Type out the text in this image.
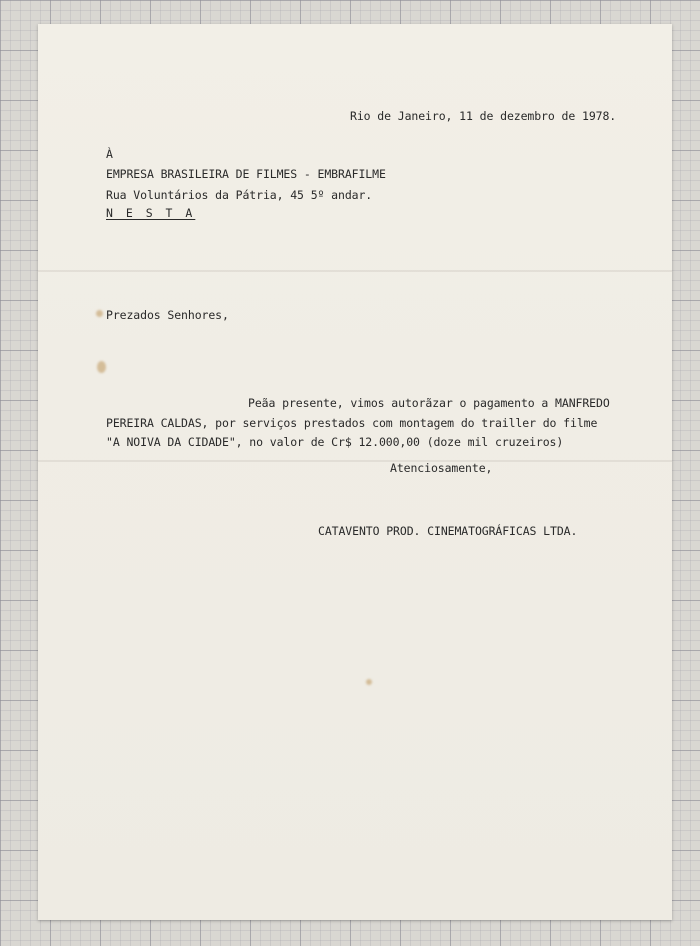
Rio de Janeiro, 11 de dezembro de 1978.

À

EMPRESA BRASILEIRA DE FILMES - EMBRAFILME

Rua Voluntários da Pátria, 45 5º andar.

N E S T A

Prezados Senhores,

Peãa presente, vimos autorãzar o pagamento a MANFREDO

PEREIRA CALDAS, por serviços prestados com montagem do trailler do filme

"A NOIVA DA CIDADE", no valor de Cr$ 12.000,00 (doze mil cruzeiros)

Atenciosamente,

CATAVENTO PROD. CINEMATOGRÁFICAS LTDA.
